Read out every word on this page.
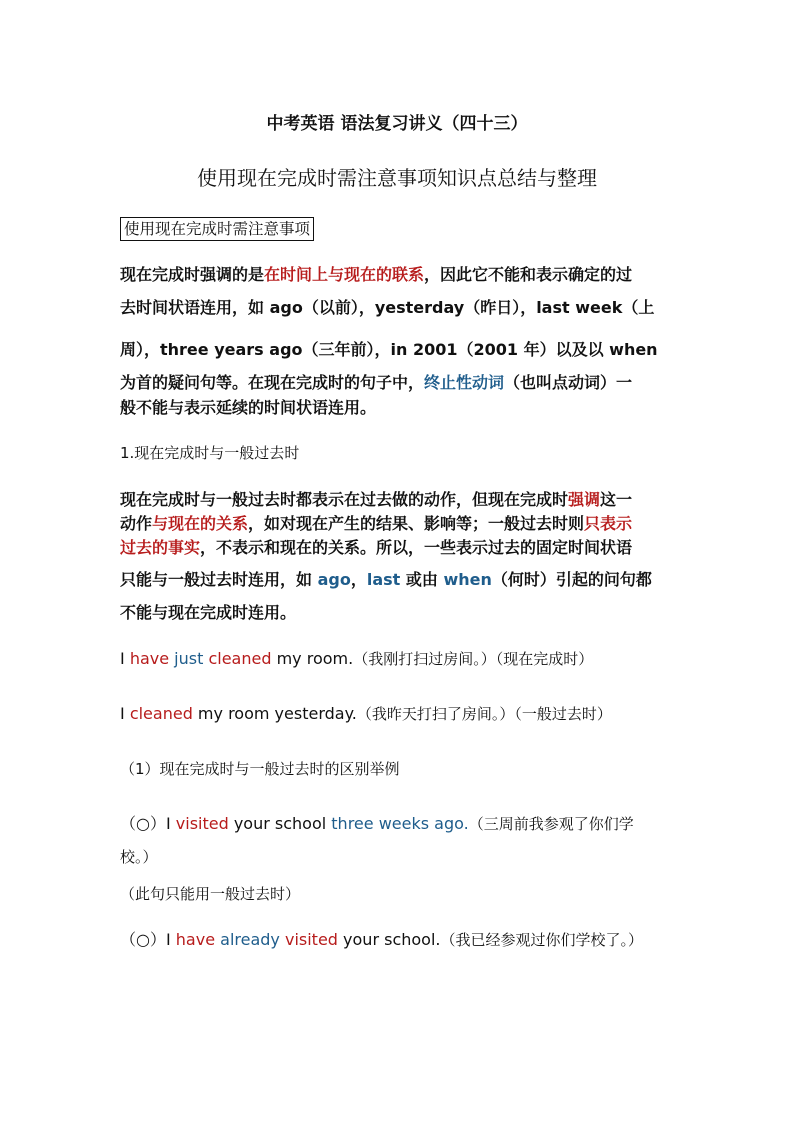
中考英语 语法复习讲义（四十三）
使用现在完成时需注意事项知识点总结与整理
使用现在完成时需注意事项
现在完成时强调的是在时间上与现在的联系，因此它不能和表示确定的过
去时间状语连用，如 ago（以前），yesterday（昨日），last week（上
周），three years ago（三年前），in 2001（2001 年）以及以 when
为首的疑问句等。在现在完成时的句子中，终止性动词（也叫点动词）一
般不能与表示延续的时间状语连用。
1.现在完成时与一般过去时
现在完成时与一般过去时都表示在过去做的动作，但现在完成时强调这一
动作与现在的关系，如对现在产生的结果、影响等；一般过去时则只表示
过去的事实，不表示和现在的关系。所以，一些表示过去的固定时间状语
只能与一般过去时连用，如 ago，last 或由 when（何时）引起的问句都
不能与现在完成时连用。
I have just cleaned my room.（我刚打扫过房间。）（现在完成时）
I cleaned my room yesterday.（我昨天打扫了房间。）（一般过去时）
（1）现在完成时与一般过去时的区别举例
（○）I visited your school three weeks ago.（三周前我参观了你们学
校。）
（此句只能用一般过去时）
（○）I have already visited your school.（我已经参观过你们学校了。）
